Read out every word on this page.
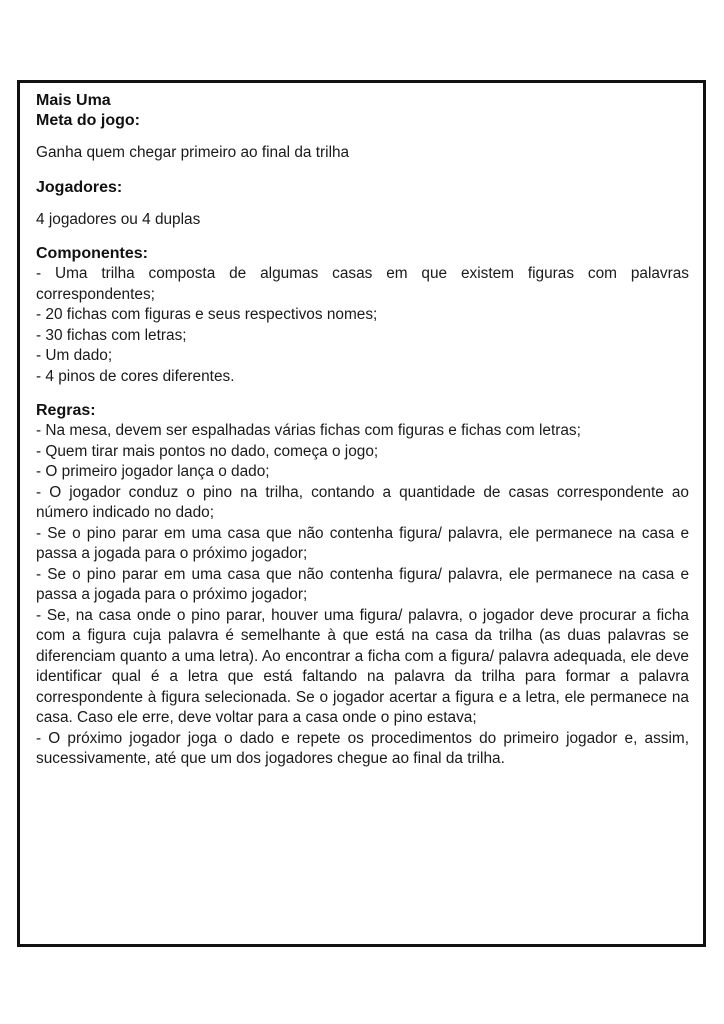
Mais Uma

Meta do jogo:

Ganha quem chegar primeiro ao final da trilha

Jogadores:

4 jogadores ou 4 duplas

Componentes:

- Uma trilha composta de algumas casas em que existem figuras com palavras correspondentes;
- 20 fichas com figuras e seus respectivos nomes;
- 30 fichas com letras;
- Um dado;
- 4 pinos de cores diferentes.

Regras:

- Na mesa, devem ser espalhadas várias fichas com figuras e fichas com letras;
- Quem tirar mais pontos no dado, começa o jogo;
- O primeiro jogador lança o dado;
- O jogador conduz o pino na trilha, contando a quantidade de casas correspondente ao número indicado no dado;
- Se o pino parar em uma casa que não contenha figura/ palavra, ele permanece na casa e passa a jogada para o próximo jogador;
- Se o pino parar em uma casa que não contenha figura/ palavra, ele permanece na casa e passa a jogada para o próximo jogador;
- Se, na casa onde o pino parar, houver uma figura/ palavra, o jogador deve procurar a ficha com a figura cuja palavra é semelhante à que está na casa da trilha (as duas palavras se diferenciam quanto a uma letra). Ao encontrar a ficha com a figura/ palavra adequada, ele deve identificar qual é a letra que está faltando na palavra da trilha para formar a palavra correspondente à figura selecionada. Se o jogador acertar a figura e a letra, ele permanece na casa. Caso ele erre, deve voltar para a casa onde o pino estava;
- O próximo jogador joga o dado e repete os procedimentos do primeiro jogador e, assim, sucessivamente, até que um dos jogadores chegue ao final da trilha.
